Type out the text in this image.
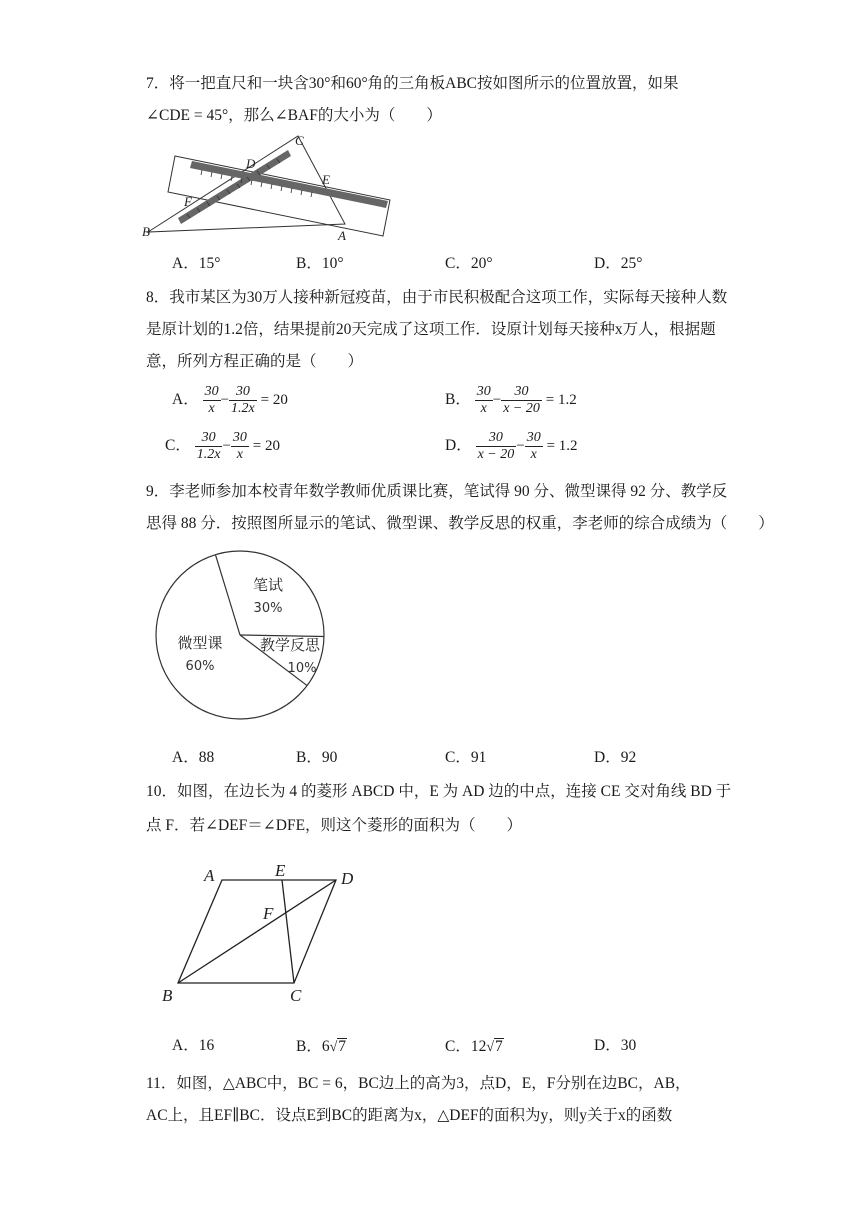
7．将一把直尺和一块含30°和60°角的三角板ABC按如图所示的位置放置，如果
∠CDE = 45°，那么∠BAF的大小为（　　）
C
D
E
F
B	A
A．15°	B．10°	C．20°	D．25°
8．我市某区为30万人接种新冠疫苗，由于市民积极配合这项工作，实际每天接种人数
是原计划的1.2倍，结果提前20天完成了这项工作．设原计划每天接种x万人，根据题
意，所列方程正确的是（　　）
A． $\frac{30}{x} - \frac{30}{1.2x} = 20$	B． $\frac{30}{x} - \frac{30}{x - 20} = 1.2$
C． $\frac{30}{1.2x} - \frac{30}{x} = 20$	D． $\frac{30}{x - 20} - \frac{30}{x} = 1.2$
9．李老师参加本校青年数学教师优质课比赛，笔试得 90 分、微型课得 92 分、教学反
思得 88 分．按照图所显示的笔试、微型课、教学反思的权重，李老师的综合成绩为（　　）
笔试
30%
微型课
60%
教学反思
10%
A．88	B．90	C．91	D．92
10．如图，在边长为 4 的菱形 ABCD 中，E 为 AD 边的中点，连接 CE 交对角线 BD 于
点 F．若∠DEF＝∠DFE，则这个菱形的面积为（　　）
A	E	D
F
B	C
A．16	B．6√7	C．12√7	D．30
11．如图，△ABC中，BC = 6，BC边上的高为3，点D，E，F分别在边BC，AB，
AC上，且EF∥BC．设点E到BC的距离为x，△DEF的面积为y，则y关于x的函数
